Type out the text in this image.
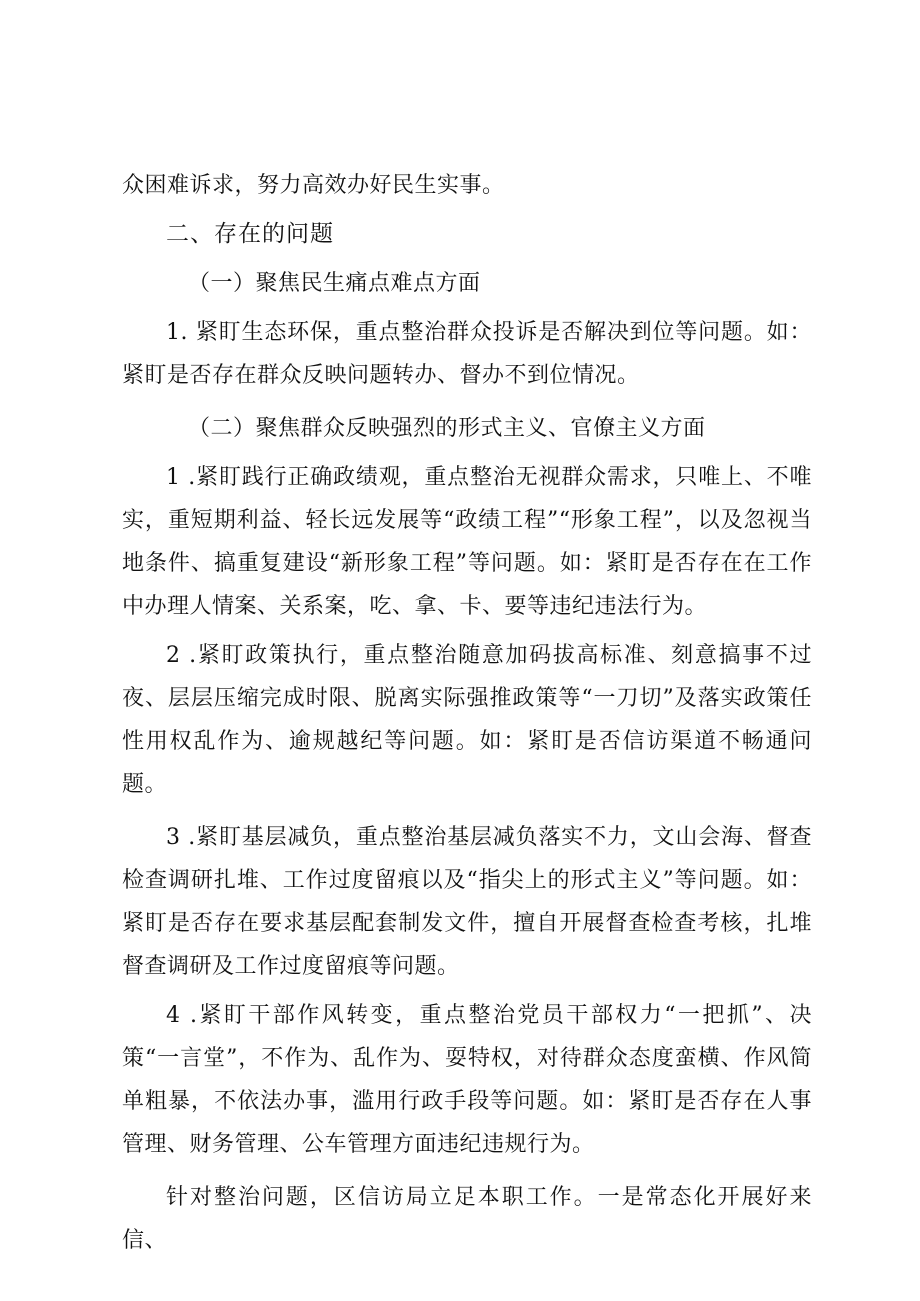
众困难诉求，努力高效办好民生实事。

二、存在的问题

（一）聚焦民生痛点难点方面

1. 紧盯生态环保，重点整治群众投诉是否解决到位等问题。如：紧盯是否存在群众反映问题转办、督办不到位情况。

（二）聚焦群众反映强烈的形式主义、官僚主义方面

1 .紧盯践行正确政绩观，重点整治无视群众需求，只唯上、不唯实，重短期利益、轻长远发展等“政绩工程”“形象工程”，以及忽视当地条件、搞重复建设“新形象工程”等问题。如：紧盯是否存在在工作中办理人情案、关系案，吃、拿、卡、要等违纪违法行为。

2 .紧盯政策执行，重点整治随意加码拔高标准、刻意搞事不过夜、层层压缩完成时限、脱离实际强推政策等“一刀切”及落实政策任性用权乱作为、逾规越纪等问题。如：紧盯是否信访渠道不畅通问题。

3 .紧盯基层减负，重点整治基层减负落实不力，文山会海、督查检查调研扎堆、工作过度留痕以及“指尖上的形式主义”等问题。如：紧盯是否存在要求基层配套制发文件，擅自开展督查检查考核，扎堆督查调研及工作过度留痕等问题。

4 .紧盯干部作风转变，重点整治党员干部权力“一把抓”、决策“一言堂”，不作为、乱作为、耍特权，对待群众态度蛮横、作风简单粗暴，不依法办事，滥用行政手段等问题。如：紧盯是否存在人事管理、财务管理、公车管理方面违纪违规行为。

针对整治问题，区信访局立足本职工作。一是常态化开展好来信、
